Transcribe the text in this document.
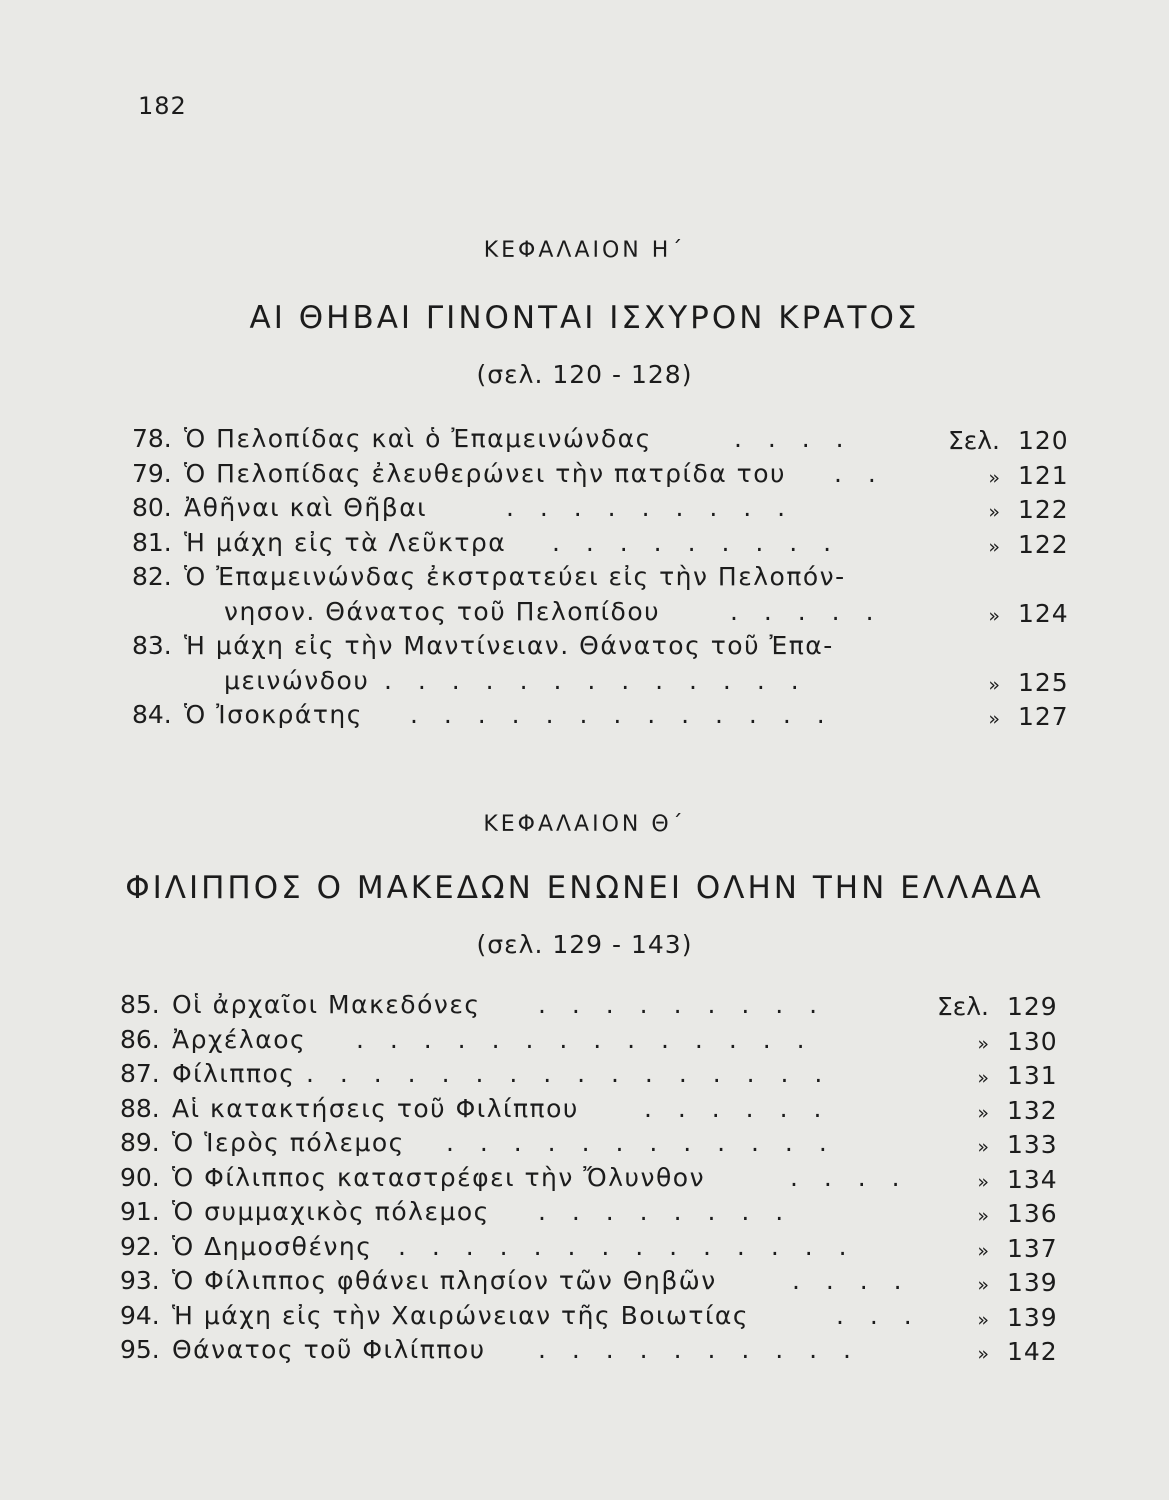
182
ΚΕΦΑΛΑΙΟΝ Η΄
ΑΙ ΘΗΒΑΙ ΓΙΝΟΝΤΑΙ ΙΣΧΥΡΟΝ ΚΡΑΤΟΣ
(σελ. 120 - 128)
78. Ὁ Πελοπίδας καὶ ὁ Ἐπαμεινώνδας	. . . .	Σελ. 120
79. Ὁ Πελοπίδας ἐλευθερώνει τὴν πατρίδα του . .	» 121
80. Ἀθῆναι καὶ Θῆβαι	. . . . . . . . .	» 122
81. Ἡ μάχη εἰς τὰ Λεῦκτρα . . . . . . . . .	» 122
82. Ὁ Ἐπαμεινώνδας ἐκστρατεύει εἰς τὴν Πελοπόν-
νησον. Θάνατος τοῦ Πελοπίδου	. . . . .	» 124
83. Ἡ μάχη εἰς τὴν Μαντίνειαν. Θάνατος τοῦ Ἐπα-
μεινώνδου . . . . . . . . . . . . .	» 125
84. Ὁ Ἰσοκράτης . . . . . . . . . . . . .	» 127
ΚΕΦΑΛΑΙΟΝ Θ΄
ΦΙΛΙΠΠΟΣ Ο ΜΑΚΕΔΩΝ ΕΝΩΝΕΙ ΟΛΗΝ ΤΗΝ ΕΛΛΑΔΑ
(σελ. 129 - 143)
85. Οἱ ἀρχαῖοι Μακεδόνες . . . . . . . . .	Σελ. 129
86. Ἀρχέλαος . . . . . . . . . . . . . .	» 130
87. Φίλιππος . . . . . . . . . . . . . . . .	» 131
88. Αἱ κατακτήσεις τοῦ Φιλίππου	. . . . . .	» 132
89. Ὁ Ἱερὸς πόλεμος . . . . . . . . . . . .	» 133
90. Ὁ Φίλιππος καταστρέφει τὴν Ὄλυνθον	. . . .	» 134
91. Ὁ συμμαχικὸς πόλεμος . . . . . . . .	» 136
92. Ὁ Δημοσθένης . . . . . . . . . . . . . .	» 137
93. Ὁ Φίλιππος φθάνει πλησίον τῶν Θηβῶν	. . . .	» 139
94. Ἡ μάχη εἰς τὴν Χαιρώνειαν τῆς Βοιωτίας	. . .	» 139
95. Θάνατος τοῦ Φιλίππου . . . . . . . . . .	» 142
